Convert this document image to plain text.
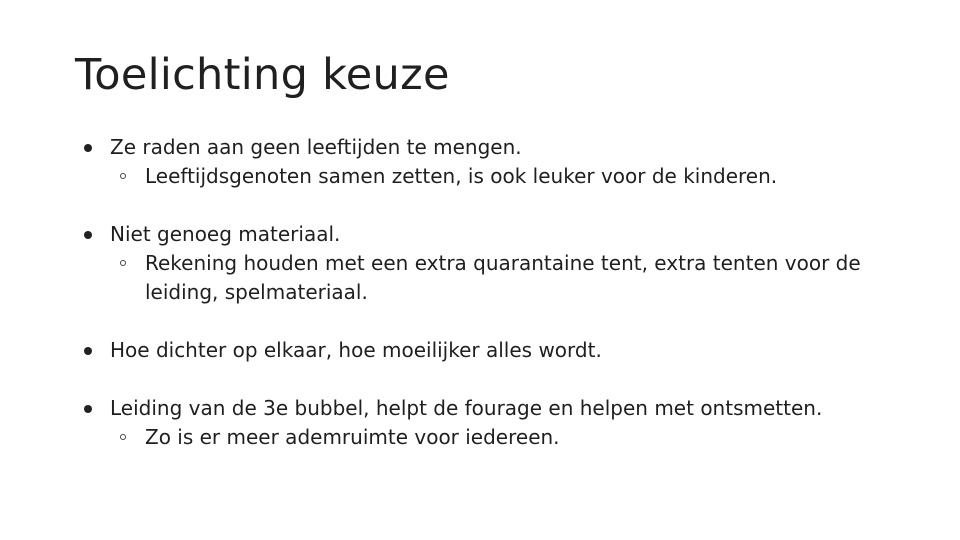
Toelichting keuze
Ze raden aan geen leeftijden te mengen.
Leeftijdsgenoten samen zetten, is ook leuker voor de kinderen.
Niet genoeg materiaal.
Rekening houden met een extra quarantaine tent, extra tenten voor de leiding, spelmateriaal.
Hoe dichter op elkaar, hoe moeilijker alles wordt.
Leiding van de 3e bubbel, helpt de fourage en helpen met ontsmetten.
Zo is er meer ademruimte voor iedereen.
